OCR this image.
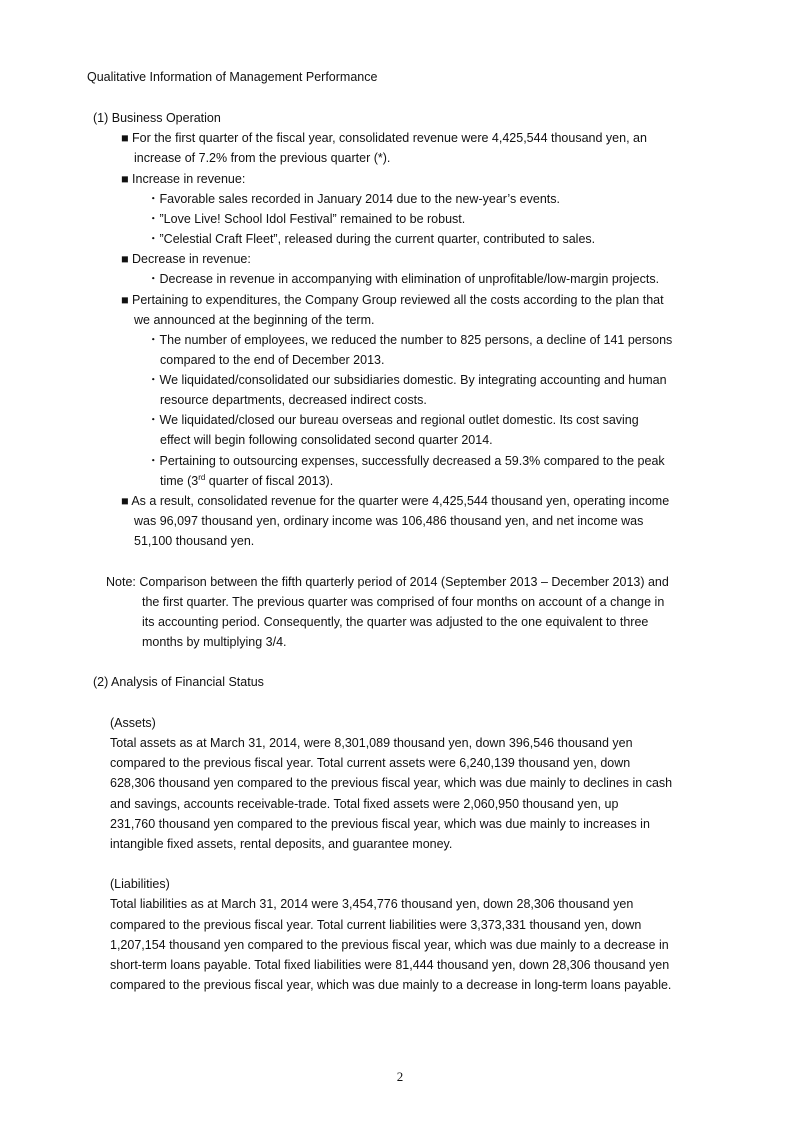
Qualitative Information of Management Performance
(1) Business Operation
■ For the first quarter of the fiscal year, consolidated revenue were 4,425,544 thousand yen, an
increase of 7.2% from the previous quarter (*).
■ Increase in revenue:
・Favorable sales recorded in January 2014 due to the new-year’s events.
・”Love Live! School Idol Festival” remained to be robust.
・”Celestial Craft Fleet”, released during the current quarter, contributed to sales.
■ Decrease in revenue:
・Decrease in revenue in accompanying with elimination of unprofitable/low-margin projects.
■ Pertaining to expenditures, the Company Group reviewed all the costs according to the plan that
we announced at the beginning of the term.
・The number of employees, we reduced the number to 825 persons, a decline of 141 persons
compared to the end of December 2013.
・We liquidated/consolidated our subsidiaries domestic. By integrating accounting and human
resource departments, decreased indirect costs.
・We liquidated/closed our bureau overseas and regional outlet domestic. Its cost saving
effect will begin following consolidated second quarter 2014.
・Pertaining to outsourcing expenses, successfully decreased a 59.3% compared to the peak
time (3rd quarter of fiscal 2013).
■ As a result, consolidated revenue for the quarter were 4,425,544 thousand yen, operating income
was 96,097 thousand yen, ordinary income was 106,486 thousand yen, and net income was
51,100 thousand yen.
Note: Comparison between the fifth quarterly period of 2014 (September 2013 – December 2013) and
the first quarter. The previous quarter was comprised of four months on account of a change in
its accounting period. Consequently, the quarter was adjusted to the one equivalent to three
months by multiplying 3/4.
(2) Analysis of Financial Status
(Assets)
Total assets as at March 31, 2014, were 8,301,089 thousand yen, down 396,546 thousand yen
compared to the previous fiscal year. Total current assets were 6,240,139 thousand yen, down
628,306 thousand yen compared to the previous fiscal year, which was due mainly to declines in cash
and savings, accounts receivable-trade. Total fixed assets were 2,060,950 thousand yen, up
231,760 thousand yen compared to the previous fiscal year, which was due mainly to increases in
intangible fixed assets, rental deposits, and guarantee money.
(Liabilities)
Total liabilities as at March 31, 2014 were 3,454,776 thousand yen, down 28,306 thousand yen
compared to the previous fiscal year. Total current liabilities were 3,373,331 thousand yen, down
1,207,154 thousand yen compared to the previous fiscal year, which was due mainly to a decrease in
short-term loans payable. Total fixed liabilities were 81,444 thousand yen, down 28,306 thousand yen
compared to the previous fiscal year, which was due mainly to a decrease in long-term loans payable.
2
